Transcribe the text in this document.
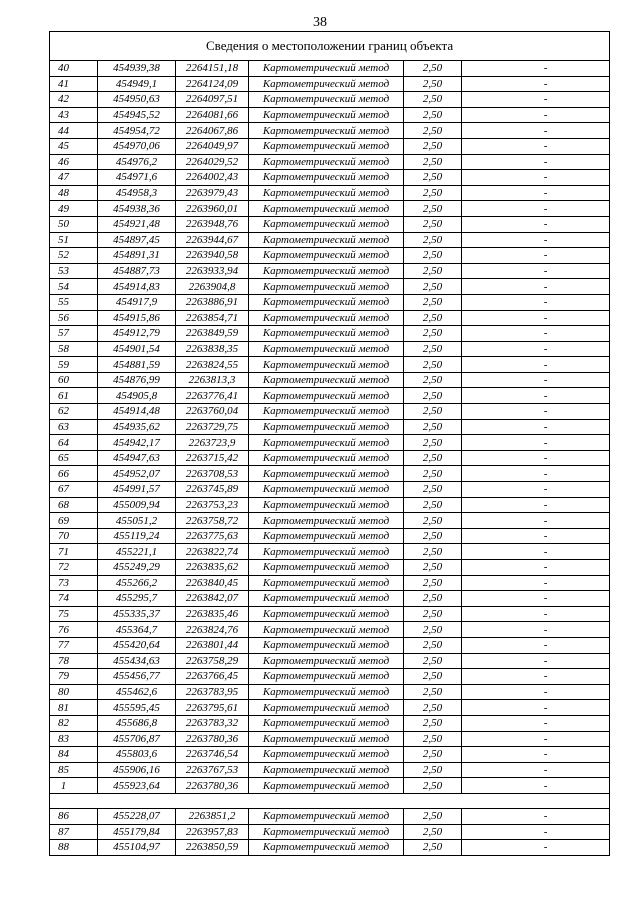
38
Сведения о местоположении границ объекта					
40	454939,38	2264151,18	Картометрический метод	2,50	-
41	454949,1	2264124,09	Картометрический метод	2,50	-
42	454950,63	2264097,51	Картометрический метод	2,50	-
43	454945,52	2264081,66	Картометрический метод	2,50	-
44	454954,72	2264067,86	Картометрический метод	2,50	-
45	454970,06	2264049,97	Картометрический метод	2,50	-
46	454976,2	2264029,52	Картометрический метод	2,50	-
47	454971,6	2264002,43	Картометрический метод	2,50	-
48	454958,3	2263979,43	Картометрический метод	2,50	-
49	454938,36	2263960,01	Картометрический метод	2,50	-
50	454921,48	2263948,76	Картометрический метод	2,50	-
51	454897,45	2263944,67	Картометрический метод	2,50	-
52	454891,31	2263940,58	Картометрический метод	2,50	-
53	454887,73	2263933,94	Картометрический метод	2,50	-
54	454914,83	2263904,8	Картометрический метод	2,50	-
55	454917,9	2263886,91	Картометрический метод	2,50	-
56	454915,86	2263854,71	Картометрический метод	2,50	-
57	454912,79	2263849,59	Картометрический метод	2,50	-
58	454901,54	2263838,35	Картометрический метод	2,50	-
59	454881,59	2263824,55	Картометрический метод	2,50	-
60	454876,99	2263813,3	Картометрический метод	2,50	-
61	454905,8	2263776,41	Картометрический метод	2,50	-
62	454914,48	2263760,04	Картометрический метод	2,50	-
63	454935,62	2263729,75	Картометрический метод	2,50	-
64	454942,17	2263723,9	Картометрический метод	2,50	-
65	454947,63	2263715,42	Картометрический метод	2,50	-
66	454952,07	2263708,53	Картометрический метод	2,50	-
67	454991,57	2263745,89	Картометрический метод	2,50	-
68	455009,94	2263753,23	Картометрический метод	2,50	-
69	455051,2	2263758,72	Картометрический метод	2,50	-
70	455119,24	2263775,63	Картометрический метод	2,50	-
71	455221,1	2263822,74	Картометрический метод	2,50	-
72	455249,29	2263835,62	Картометрический метод	2,50	-
73	455266,2	2263840,45	Картометрический метод	2,50	-
74	455295,7	2263842,07	Картометрический метод	2,50	-
75	455335,37	2263835,46	Картометрический метод	2,50	-
76	455364,7	2263824,76	Картометрический метод	2,50	-
77	455420,64	2263801,44	Картометрический метод	2,50	-
78	455434,63	2263758,29	Картометрический метод	2,50	-
79	455456,77	2263766,45	Картометрический метод	2,50	-
80	455462,6	2263783,95	Картометрический метод	2,50	-
81	455595,45	2263795,61	Картометрический метод	2,50	-
82	455686,8	2263783,32	Картометрический метод	2,50	-
83	455706,87	2263780,36	Картометрический метод	2,50	-
84	455803,6	2263746,54	Картометрический метод	2,50	-
85	455906,16	2263767,53	Картометрический метод	2,50	-
1	455923,64	2263780,36	Картометрический метод	2,50	-

86	455228,07	2263851,2	Картометрический метод	2,50	-
87	455179,84	2263957,83	Картометрический метод	2,50	-
88	455104,97	2263850,59	Картометрический метод	2,50	-
